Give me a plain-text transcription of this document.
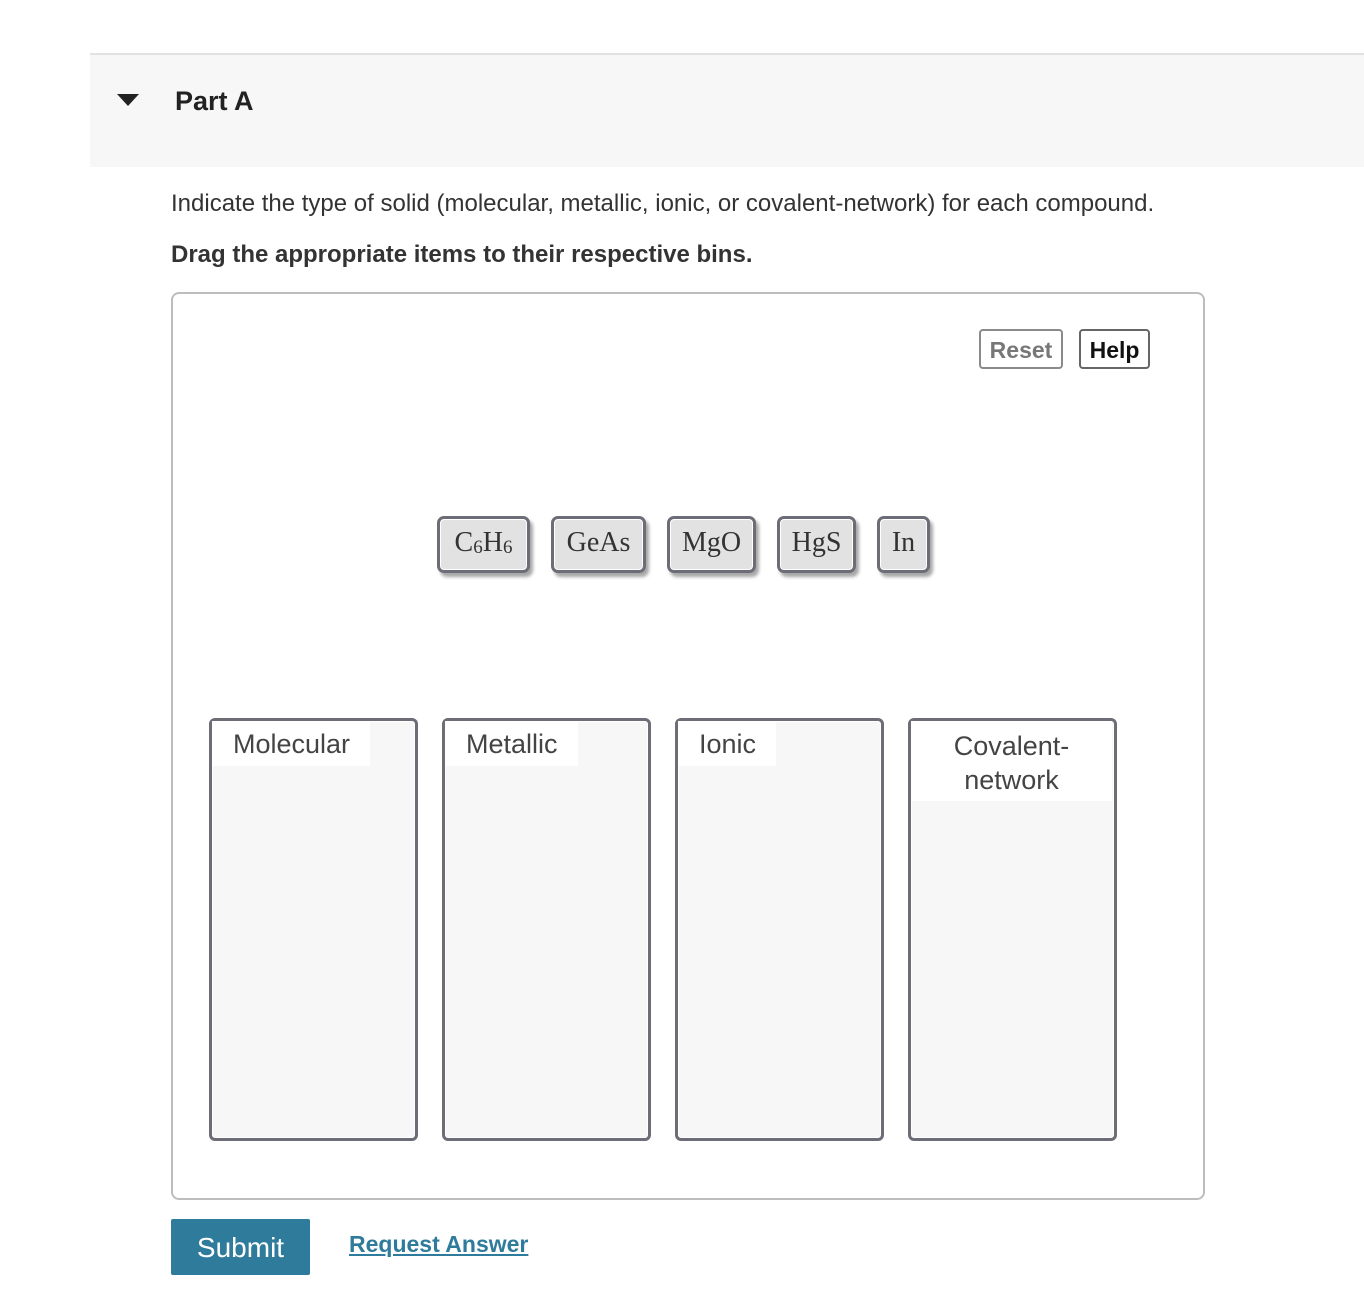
Part A
Indicate the type of solid (molecular, metallic, ionic, or covalent-network) for each compound.
Drag the appropriate items to their respective bins.
Reset	Help
$C_6H_6$	GeAs	MgO	HgS	In
Molecular	Metallic	Ionic	Covalent-network
Submit	Request Answer
